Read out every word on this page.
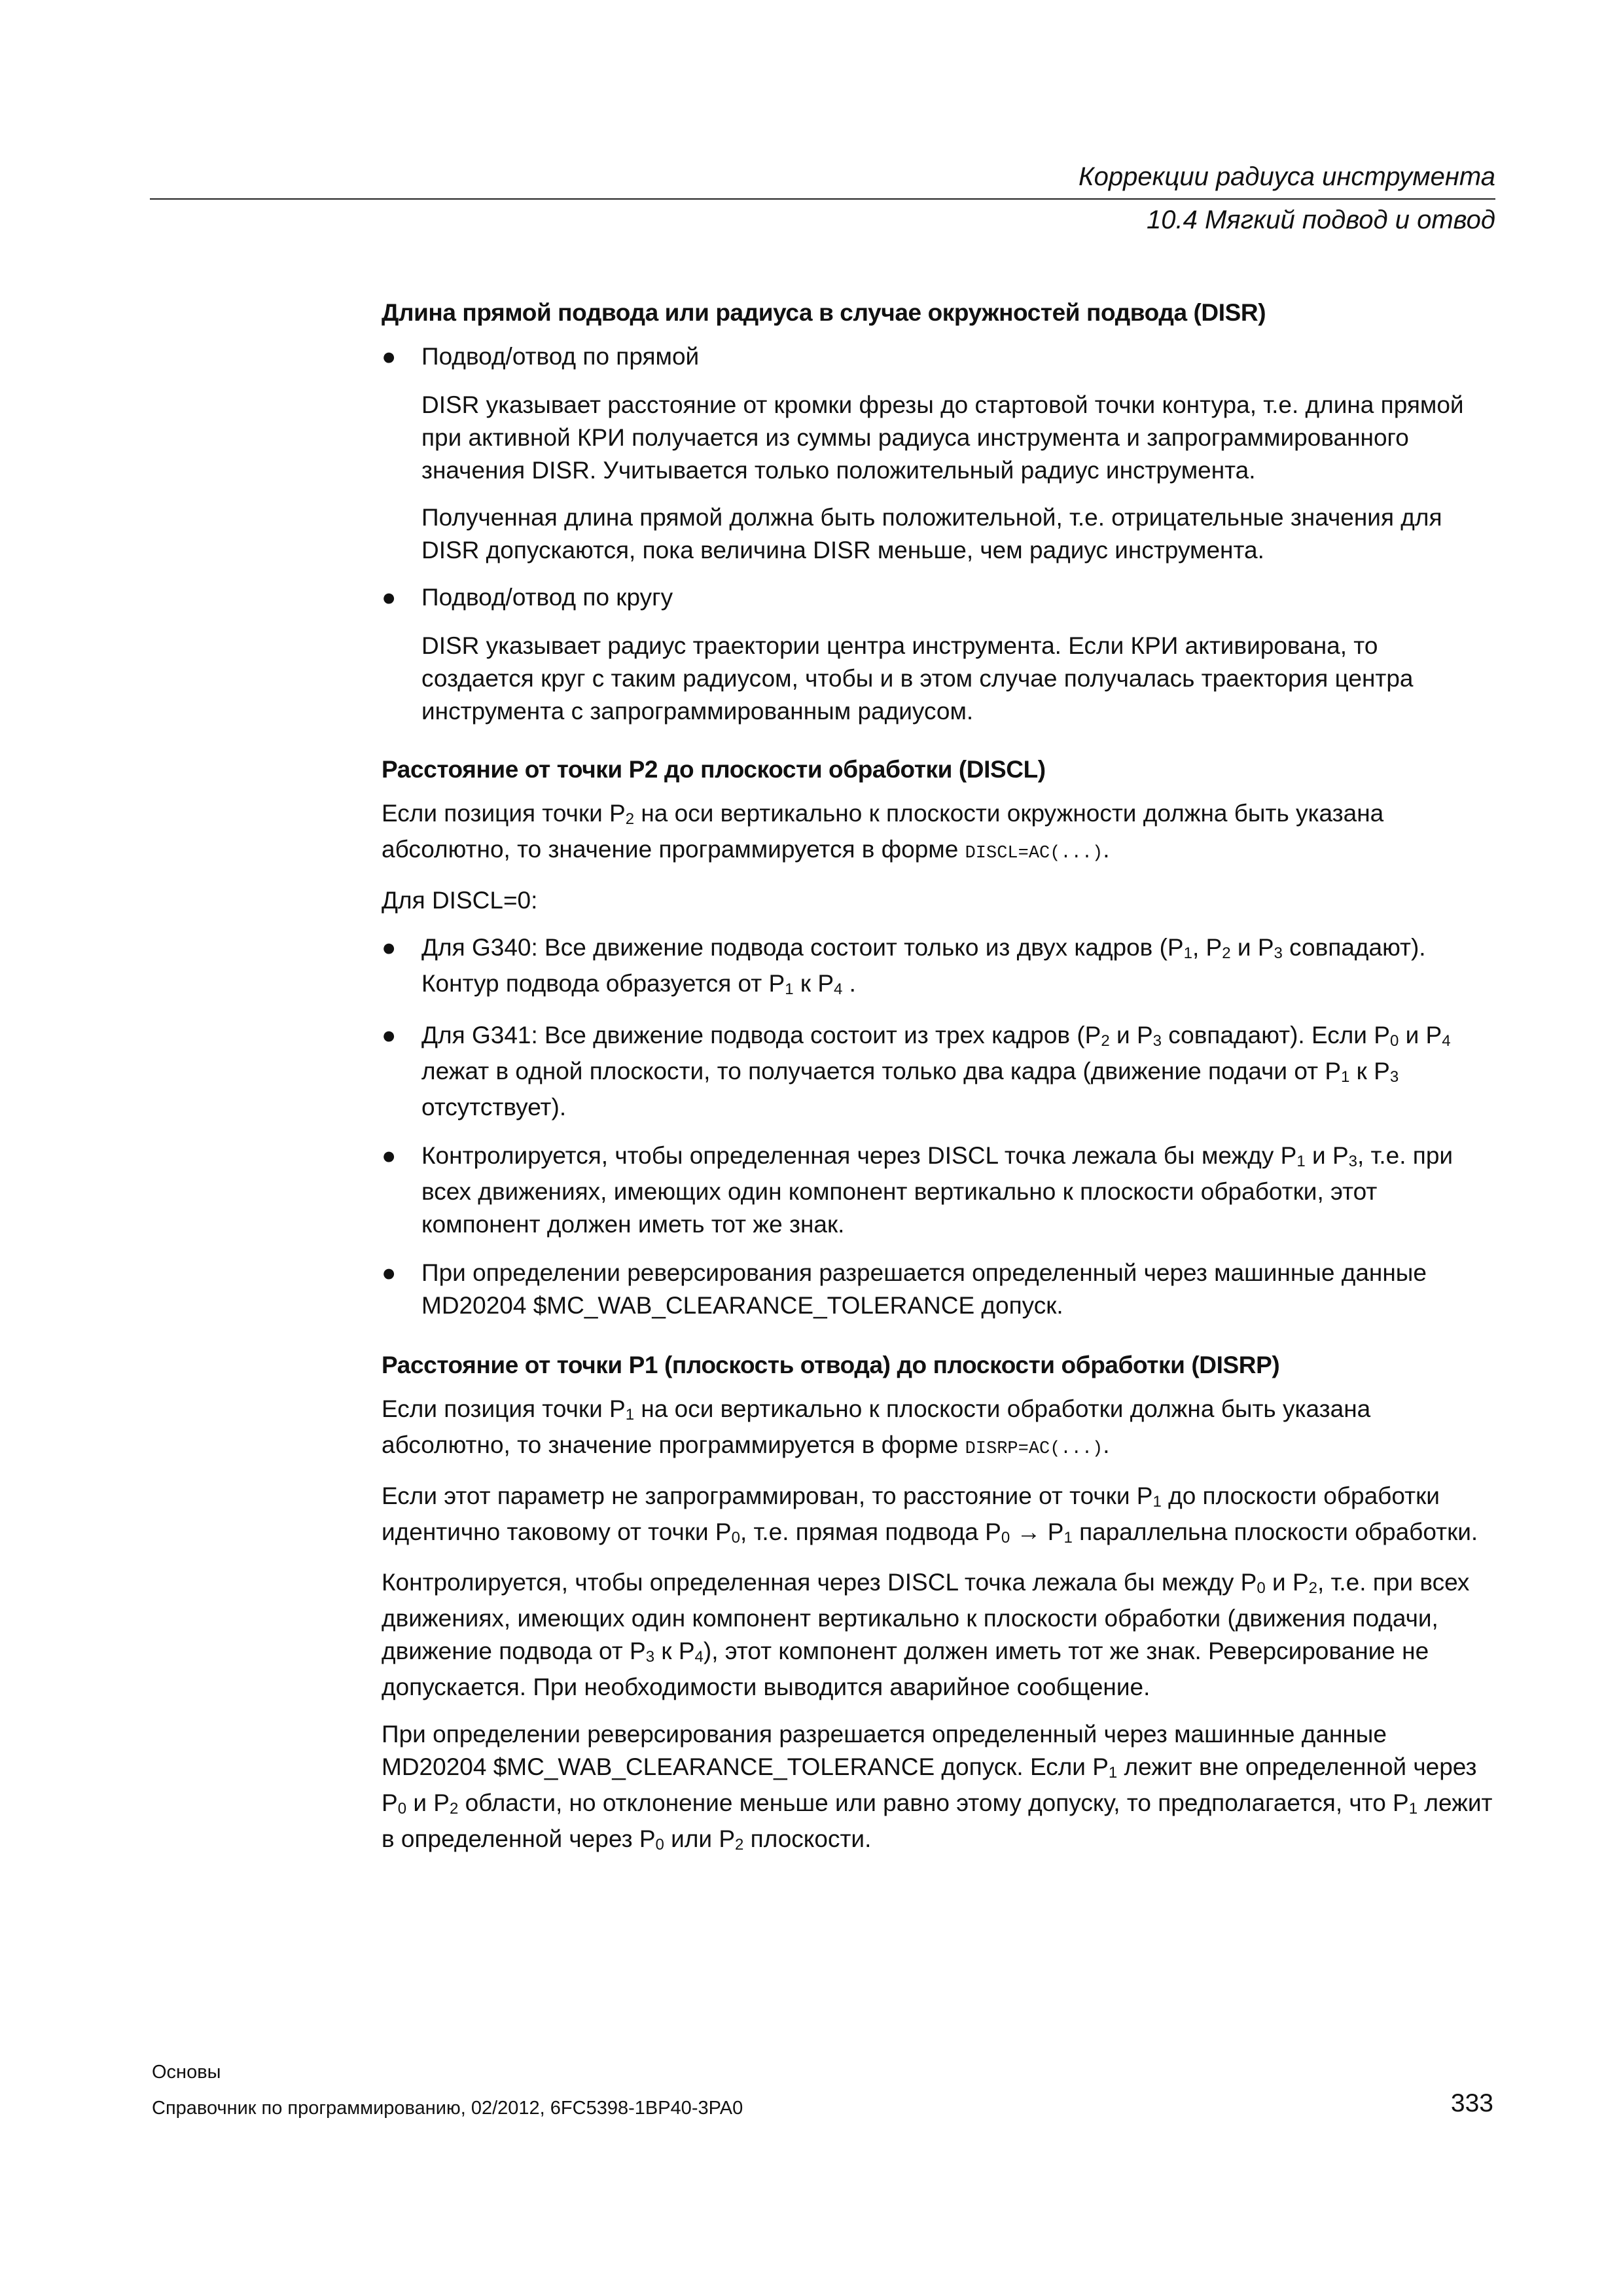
Коррекции радиуса инструмента
10.4 Мягкий подвод и отвод
Длина прямой подвода или радиуса в случае окружностей подвода (DISR)
● Подвод/отвод по прямой

DISR указывает расстояние от кромки фрезы до стартовой точки контура, т.е. длина прямой при активной КРИ получается из суммы радиуса инструмента и запрограммированного значения DISR. Учитывается только положительный радиус инструмента.

Полученная длина прямой должна быть положительной, т.е. отрицательные значения для DISR допускаются, пока величина DISR меньше, чем радиус инструмента.

● Подвод/отвод по кругу

DISR указывает радиус траектории центра инструмента. Если КРИ активирована, то создается круг с таким радиусом, чтобы и в этом случае получалась траектория центра инструмента с запрограммированным радиусом.

Расстояние от точки P2 до плоскости обработки (DISCL)

Если позиция точки $P_2$ на оси вертикально к плоскости окружности должна быть указана абсолютно, то значение программируется в форме DISCL=AC(...).

Для DISCL=0:

● Для G340: Все движение подвода состоит только из двух кадров ($P_1$, $P_2$ и $P_3$ совпадают). Контур подвода образуется от $P_1$ к $P_4$ .
● Для G341: Все движение подвода состоит из трех кадров ($P_2$ и $P_3$ совпадают). Если $P_0$ и $P_4$ лежат в одной плоскости, то получается только два кадра (движение подачи от $P_1$ к $P_3$ отсутствует).
● Контролируется, чтобы определенная через DISCL точка лежала бы между $P_1$ и $P_3$, т.е. при всех движениях, имеющих один компонент вертикально к плоскости обработки, этот компонент должен иметь тот же знак.
● При определении реверсирования разрешается определенный через машинные данные MD20204 $MC_WAB_CLEARANCE_TOLERANCE допуск.
Расстояние от точки P1 (плоскость отвода) до плоскости обработки (DISRP)

Если позиция точки $P_1$ на оси вертикально к плоскости обработки должна быть указана абсолютно, то значение программируется в форме DISRP=AC(...).

Если этот параметр не запрограммирован, то расстояние от точки $P_1$ до плоскости обработки идентично таковому от точки $P_0$, т.е. прямая подвода $P_0 \to P_1$ параллельна плоскости обработки.

Контролируется, чтобы определенная через DISCL точка лежала бы между $P_0$ и $P_2$, т.е. при всех движениях, имеющих один компонент вертикально к плоскости обработки (движения подачи, движение подвода от $P_3$ к $P_4$), этот компонент должен иметь тот же знак. Реверсирование не допускается. При необходимости выводится аварийное сообщение.

При определении реверсирования разрешается определенный через машинные данные MD20204 $MC_WAB_CLEARANCE_TOLERANCE допуск. Если $P_1$ лежит вне определенной через $P_0$ и $P_2$ области, но отклонение меньше или равно этому допуску, то предполагается, что $P_1$ лежит в определенной через $P_0$ или $P_2$ плоскости.

Основы
Справочник по программированию, 02/2012, 6FC5398-1BP40-3PA0	333
